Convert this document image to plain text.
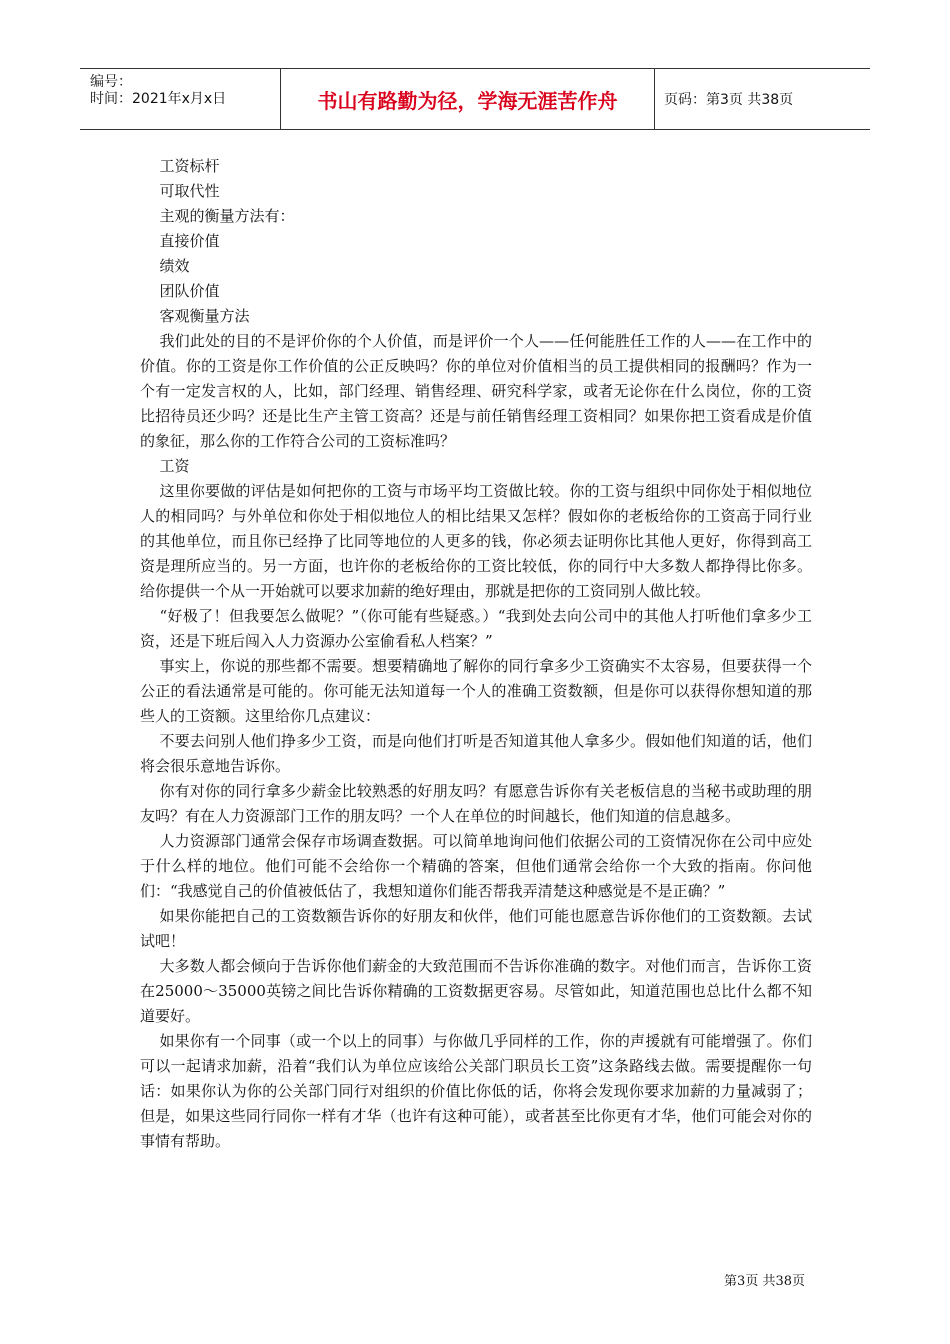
编号：
时间：2021年x月x日	书山有路勤为径，学海无涯苦作舟	页码：第3页 共38页

工资标杆

可取代性

主观的衡量方法有：

直接价值

绩效

团队价值

客观衡量方法

我们此处的目的不是评价你的个人价值，而是评价一个人——任何能胜任工作的人——在工作中的价值。你的工资是你工作价值的公正反映吗？你的单位对价值相当的员工提供相同的报酬吗？作为一个有一定发言权的人，比如，部门经理、销售经理、研究科学家，或者无论你在什么岗位，你的工资比招待员还少吗？还是比生产主管工资高？还是与前任销售经理工资相同？如果你把工资看成是价值的象征，那么你的工作符合公司的工资标准吗？

工资

这里你要做的评估是如何把你的工资与市场平均工资做比较。你的工资与组织中同你处于相似地位人的相同吗？与外单位和你处于相似地位人的相比结果又怎样？假如你的老板给你的工资高于同行业的其他单位，而且你已经挣了比同等地位的人更多的钱，你必须去证明你比其他人更好，你得到高工资是理所应当的。另一方面，也许你的老板给你的工资比较低，你的同行中大多数人都挣得比你多。给你提供一个从一开始就可以要求加薪的绝好理由，那就是把你的工资同别人做比较。

“好极了！但我要怎么做呢？”（你可能有些疑惑。）“我到处去向公司中的其他人打听他们拿多少工资，还是下班后闯入人力资源办公室偷看私人档案？”

事实上，你说的那些都不需要。想要精确地了解你的同行拿多少工资确实不太容易，但要获得一个公正的看法通常是可能的。你可能无法知道每一个人的准确工资数额，但是你可以获得你想知道的那些人的工资额。这里给你几点建议：

不要去问别人他们挣多少工资，而是向他们打听是否知道其他人拿多少。假如他们知道的话，他们将会很乐意地告诉你。

你有对你的同行拿多少薪金比较熟悉的好朋友吗？有愿意告诉你有关老板信息的当秘书或助理的朋友吗？有在人力资源部门工作的朋友吗？一个人在单位的时间越长，他们知道的信息越多。

人力资源部门通常会保存市场调查数据。可以简单地询问他们依据公司的工资情况你在公司中应处于什么样的地位。他们可能不会给你一个精确的答案，但他们通常会给你一个大致的指南。你问他们：“我感觉自己的价值被低估了，我想知道你们能否帮我弄清楚这种感觉是不是正确？”

如果你能把自己的工资数额告诉你的好朋友和伙伴，他们可能也愿意告诉你他们的工资数额。去试试吧！

大多数人都会倾向于告诉你他们薪金的大致范围而不告诉你准确的数字。对他们而言，告诉你工资在25000～35000英镑之间比告诉你精确的工资数据更容易。尽管如此，知道范围也总比什么都不知道要好。

如果你有一个同事（或一个以上的同事）与你做几乎同样的工作，你的声援就有可能增强了。你们可以一起请求加薪，沿着“我们认为单位应该给公关部门职员长工资”这条路线去做。需要提醒你一句话：如果你认为你的公关部门同行对组织的价值比你低的话，你将会发现你要求加薪的力量减弱了；但是，如果这些同行同你一样有才华（也许有这种可能），或者甚至比你更有才华，他们可能会对你的事情有帮助。

第3页 共38页
